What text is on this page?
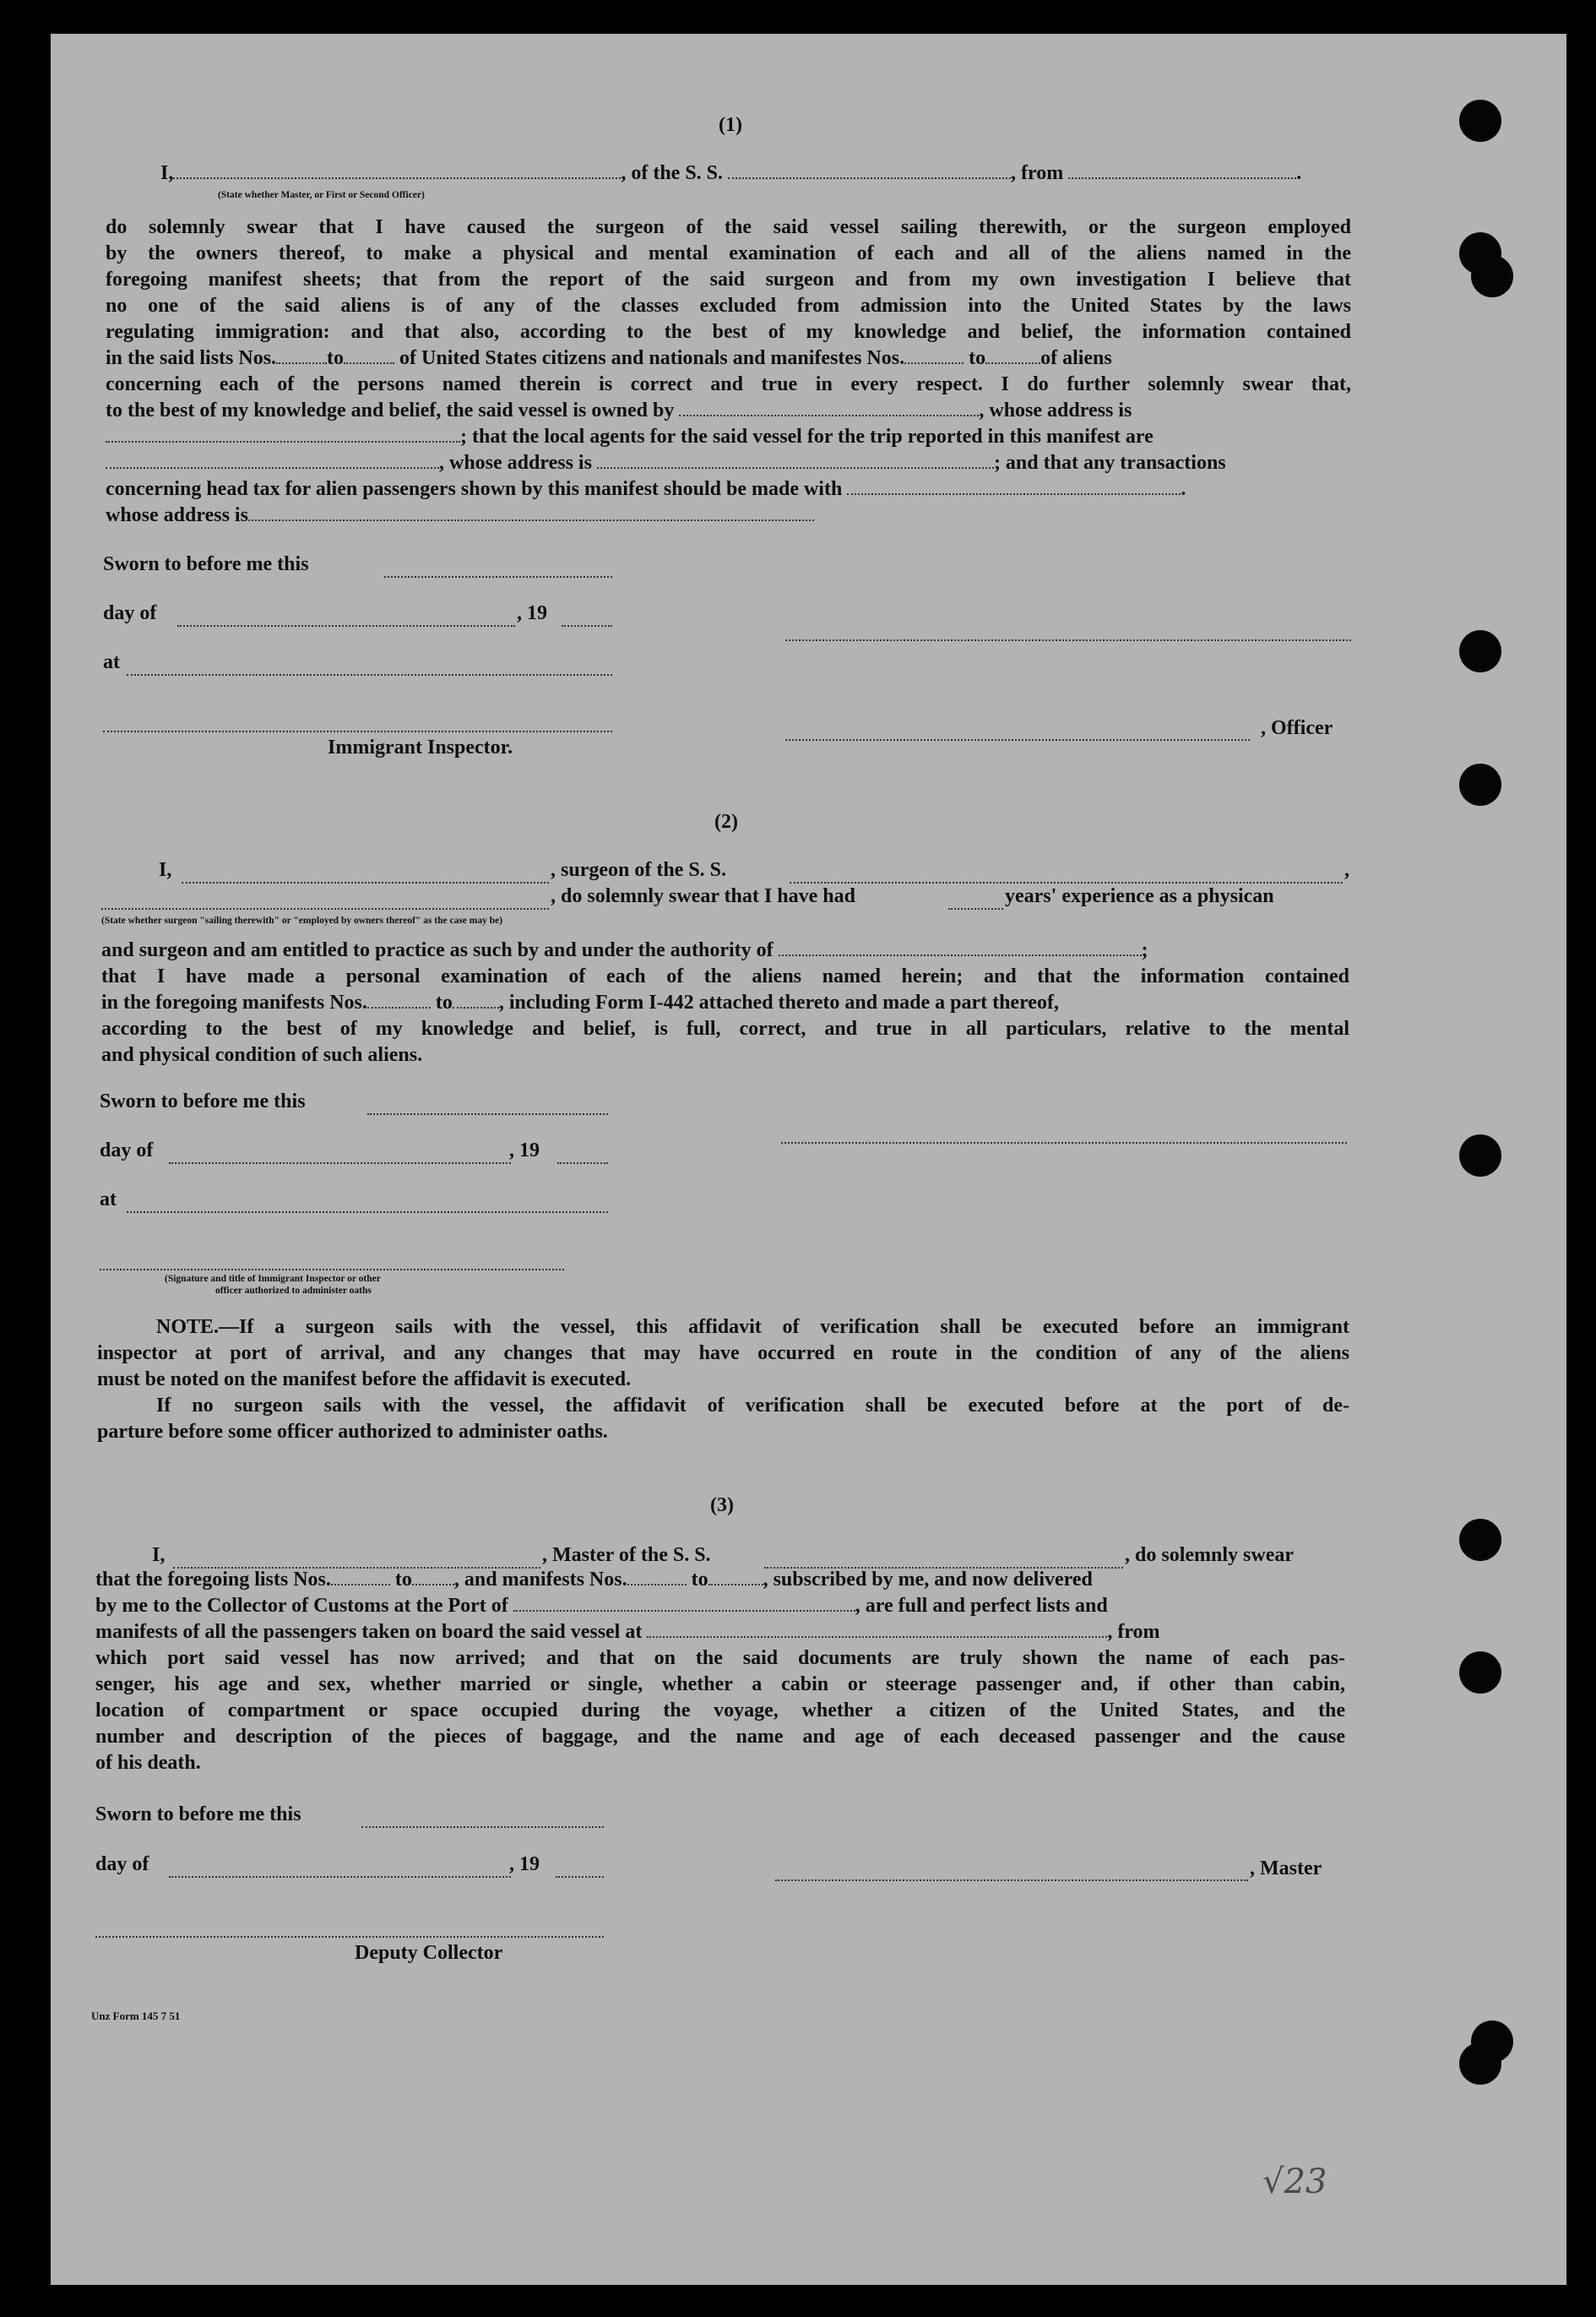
(1)
I,	, of the S. S.	, from	.
(State whether Master, or First or Second Officer)
do solemnly swear that I have caused the surgeon of the said vessel sailing therewith, or the surgeon employed
by the owners thereof, to make a physical and mental examination of each and all of the aliens named in the
foregoing manifest sheets; that from the report of the said surgeon and from my own investigation I believe that
no one of the said aliens is of any of the classes excluded from admission into the United States by the laws
regulating immigration: and that also, according to the best of my knowledge and belief, the information contained
in the said lists Nos.	to	of United States citizens and nationals and manifestes Nos.	to	of aliens
concerning each of the persons named therein is correct and true in every respect. I do further solemnly swear that,
to the best of my knowledge and belief, the said vessel is owned by	, whose address is
; that the local agents for the said vessel for the trip reported in this manifest are
, whose address is	; and that any transactions
concerning head tax for alien passengers shown by this manifest should be made with	.
whose address is
Sworn to before me this
day of	, 19
at
, Officer
Immigrant Inspector.
(2)
I,	, surgeon of the S. S.	,
, do solemnly swear that I have had	years' experience as a physican
(State whether surgeon "sailing therewith" or "employed by owners thereof" as the case may be)
and surgeon and am entitled to practice as such by and under the authority of	;
that I have made a personal examination of each of the aliens named herein; and that the information contained
in the foregoing manifests Nos.	to , including Form I-442 attached thereto and made a part thereof,
according to the best of my knowledge and belief, is full, correct, and true in all particulars, relative to the mental
and physical condition of such aliens.
Sworn to before me this
day of	, 19
at
(Signature and title of Immigrant Inspector or other
officer authorized to administer oaths
NOTE.—If a surgeon sails with the vessel, this affidavit of verification shall be executed before an immigrant
inspector at port of arrival, and any changes that may have occurred en route in the condition of any of the aliens
must be noted on the manifest before the affidavit is executed.
If no surgeon sails with the vessel, the affidavit of verification shall be executed before at the port of de-
parture before some officer authorized to administer oaths.
(3)
I,	, Master of the S. S.	, do solemnly swear
that the foregoing lists Nos.	to , and manifests Nos.	to	, subscribed by me, and now delivered
by me to the Collector of Customs at the Port of	, are full and perfect lists and
manifests of all the passengers taken on board the said vessel at	, from
which port said vessel has now arrived; and that on the said documents are truly shown the name of each pas-
senger, his age and sex, whether married or single, whether a cabin or steerage passenger and, if other than cabin,
location of compartment or space occupied during the voyage, whether a citizen of the United States, and the
number and description of the pieces of baggage, and the name and age of each deceased passenger and the cause
of his death.
Sworn to before me this
day of	, 19	, Master
Deputy Collector
Unz Form 145 7 51
√23
